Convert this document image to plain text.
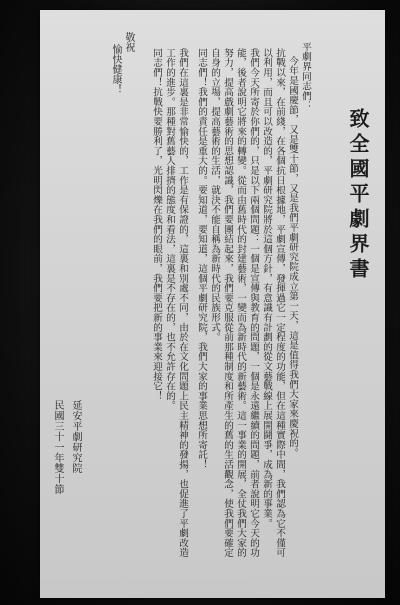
致全國平劇界書
平劇界同志們：
今年是國慶節，又是雙十節，又是我們平劇研究院成立第一天，這是值得我們大家來慶祝的。
抗戰以來，在前綫，在各個抗日根據地，平劇宣傳，發揮過它一定程度的功能，但在這種實際中間，我們認為它不僅可以利用，而且可以改造的，平劇研究院將於這個方針，有意識有計劃的從文藝戰線上展開鬪爭，成為新的事業。
我們今天所寄於你們的，只是以下兩個問題：一個是宣傳與教育的問題，一個是永遠繼續的問題，前者說明它今天的功能，後者說明它將來的轉變。從而由舊時代的封建藝術，一變而為新時代的新藝術。這一事業的開展，全仗我們大家的努力，提高戲劇藝術的思想認識，我們要團結起來，我們要克服從前那種制度和所產生的舊的生活觀念，使我們要確定自身的立場，提高藝術的生活，就決不能自稱為新時代的民族形式。
同志們！我們的責任是重大的。要知道，要知道，這個平劇研究院，我們大家的事業思想所寄託！
我們在這裏是非常愉快的，工作是有保證的，這裏和別處不同，由於在文化問題上民主精神的發揚，也促進了平劇改造工作的進步。那種對舊藝人排擠的態度和看法，這裏是不存在的，也不允許存在的。
同志們！抗戰快要勝利了，光明閃爍在我們的眼前，我們要把新的事業來迎接它！
敬祝
愉快健康！
延安平劇研究院
民國三十一年雙十節
